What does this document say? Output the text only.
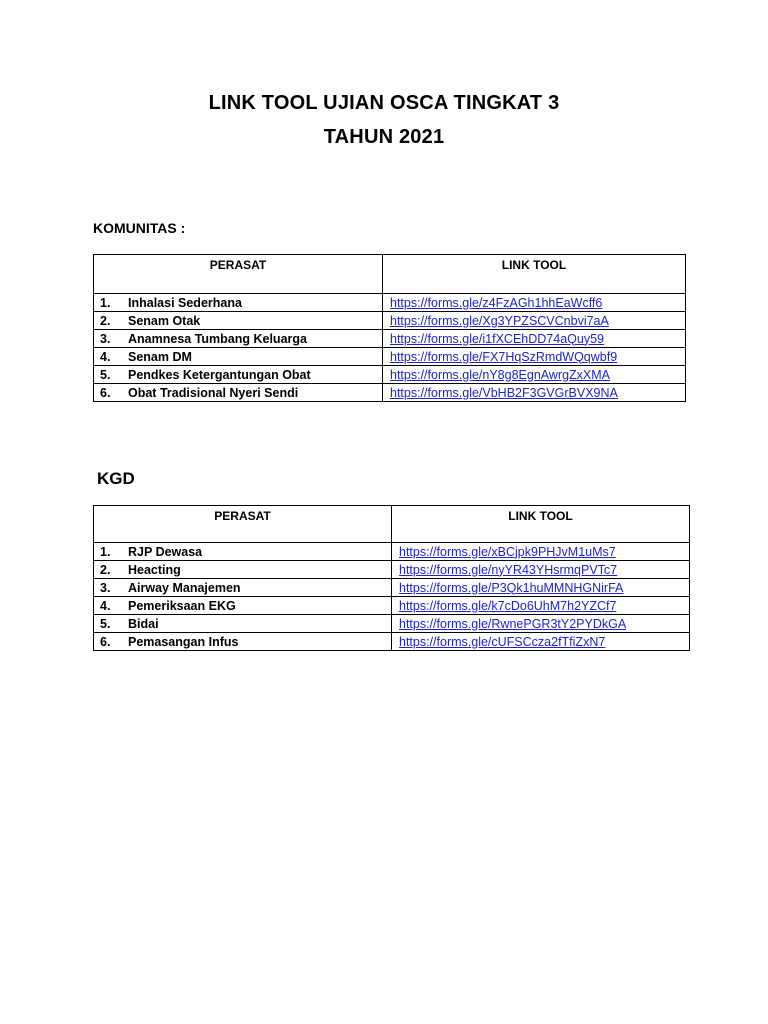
LINK TOOL UJIAN OSCA TINGKAT 3
TAHUN 2021
KOMUNITAS :
PERASAT	LINK TOOL
1. Inhalasi Sederhana	https://forms.gle/z4FzAGh1hhEaWcff6
2. Senam Otak	https://forms.gle/Xg3YPZSCVCnbvi7aA
3. Anamnesa Tumbang Keluarga	https://forms.gle/i1fXCEhDD74aQuy59
4. Senam DM	https://forms.gle/FX7HqSzRmdWQqwbf9
5. Pendkes Ketergantungan Obat	https://forms.gle/nY8g8EgnAwrgZxXMA
6. Obat Tradisional Nyeri Sendi	https://forms.gle/VbHB2F3GVGrBVX9NA
KGD
PERASAT	LINK TOOL
1. RJP Dewasa	https://forms.gle/xBCjpk9PHJvM1uMs7
2. Heacting	https://forms.gle/nyYR43YHsrmqPVTc7
3. Airway Manajemen	https://forms.gle/P3Qk1huMMNHGNirFA
4. Pemeriksaan EKG	https://forms.gle/k7cDo6UhM7h2YZCf7
5. Bidai	https://forms.gle/RwnePGR3tY2PYDkGA
6. Pemasangan Infus	https://forms.gle/cUFSCcza2fTfiZxN7
